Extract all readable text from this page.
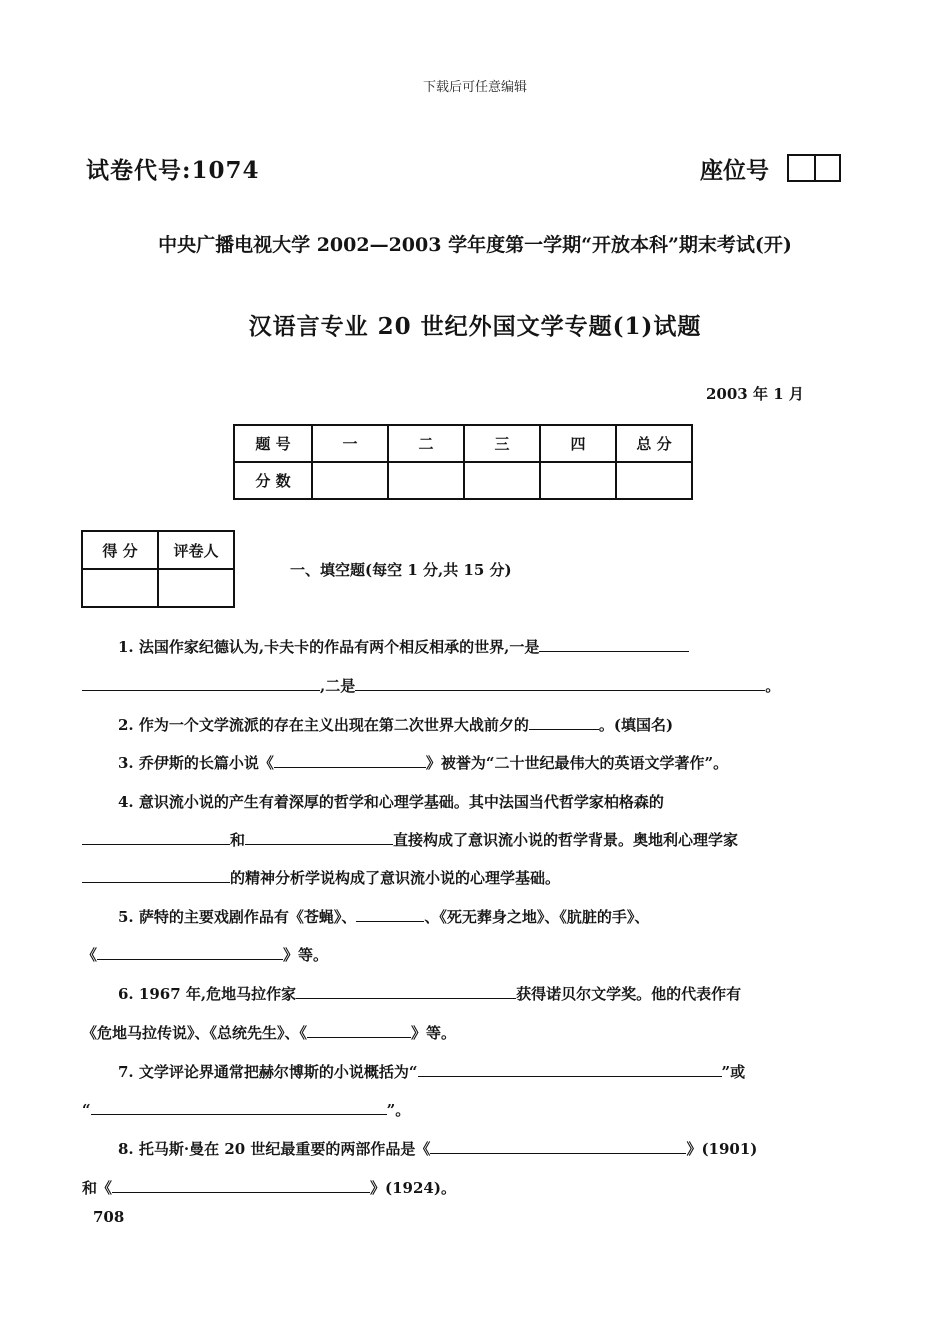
下载后可任意编辑
试卷代号:1074	座位号
中央广播电视大学 2002—2003 学年度第一学期“开放本科”期末考试(开)
汉语言专业 20 世纪外国文学专题(1)试题
2003 年 1 月
题 号	一	二	三	四	总 分
分 数					
得 分	评卷人

一、填空题(每空 1 分,共 15 分)
1. 法国作家纪德认为,卡夫卡的作品有两个相反相承的世界,一是
,二是	。
2. 作为一个文学流派的存在主义出现在第二次世界大战前夕的	。(填国名)
3. 乔伊斯的长篇小说《	》被誉为“二十世纪最伟大的英语文学著作”。
4. 意识流小说的产生有着深厚的哲学和心理学基础。其中法国当代哲学家柏格森的
和	直接构成了意识流小说的哲学背景。奥地利心理学家
的精神分析学说构成了意识流小说的心理学基础。
5. 萨特的主要戏剧作品有《苍蝇》、	、《死无葬身之地》、《肮脏的手》、
《	》等。
6. 1967 年,危地马拉作家	获得诺贝尔文学奖。他的代表作有
《危地马拉传说》、《总统先生》、《	》等。
7. 文学评论界通常把赫尔博斯的小说概括为“	”或
“	”。
8. 托马斯·曼在 20 世纪最重要的两部作品是《	》(1901)
和《	》(1924)。
708
